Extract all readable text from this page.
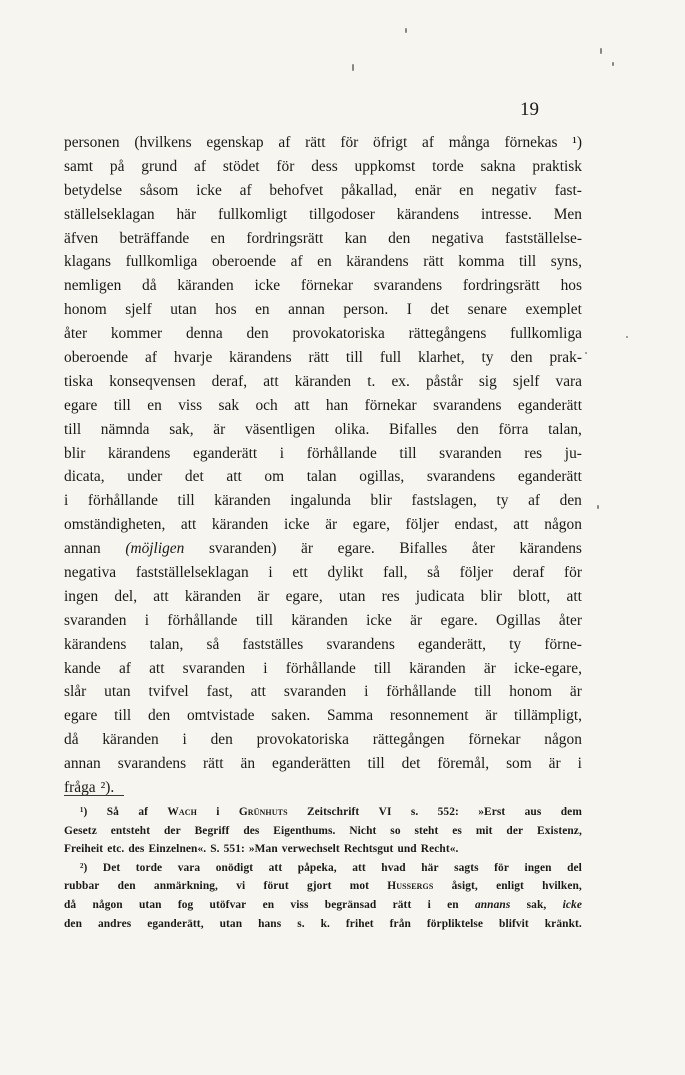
19
personen (hvilkens egenskap af rätt för öfrigt af många förnekas ¹)
samt på grund af stödet för dess uppkomst torde sakna praktisk
betydelse såsom icke af behofvet påkallad, enär en negativ fast-
ställelseklagan här fullkomligt tillgodoser kärandens intresse. Men
äfven beträffande en fordringsrätt kan den negativa fastställelse-
klagans fullkomliga oberoende af en kärandens rätt komma till syns,
nemligen då käranden icke förnekar svarandens fordringsrätt hos
honom sjelf utan hos en annan person. I det senare exemplet
åter kommer denna den provokatoriska rättegångens fullkomliga
oberoende af hvarje kärandens rätt till full klarhet, ty den prak-
tiska konseqvensen deraf, att käranden t. ex. påstår sig sjelf vara
egare till en viss sak och att han förnekar svarandens eganderätt
till nämnda sak, är väsentligen olika. Bifalles den förra talan,
blir kärandens eganderätt i förhållande till svaranden res ju-
dicata, under det att om talan ogillas, svarandens eganderätt
i förhållande till käranden ingalunda blir fastslagen, ty af den
omständigheten, att käranden icke är egare, följer endast, att någon
annan (möjligen svaranden) är egare. Bifalles åter kärandens
negativa fastställelseklagan i ett dylikt fall, så följer deraf för
ingen del, att käranden är egare, utan res judicata blir blott, att
svaranden i förhållande till käranden icke är egare. Ogillas åter
kärandens talan, så fastställes svarandens eganderätt, ty förne-
kande af att svaranden i förhållande till käranden är icke-egare,
slår utan tvifvel fast, att svaranden i förhållande till honom är
egare till den omtvistade saken. Samma resonnement är tillämpligt,
då käranden i den provokatoriska rättegången förnekar någon
annan svarandens rätt än eganderätten till det föremål, som är i
fråga ²).
¹) Så af Wach i Grünhuts Zeitschrift VI s. 552: »Erst aus dem
Gesetz entsteht der Begriff des Eigenthums. Nicht so steht es mit der Existenz,
Freiheit etc. des Einzelnen«. S. 551: »Man verwechselt Rechtsgut und Recht«.
²) Det torde vara onödigt att påpeka, att hvad här sagts för ingen del
rubbar den anmärkning, vi förut gjort mot Hussergs åsigt, enligt hvilken,
då någon utan fog utöfvar en viss begränsad rätt i en annans sak, icke
den andres eganderätt, utan hans s. k. frihet från förpliktelse blifvit kränkt.
